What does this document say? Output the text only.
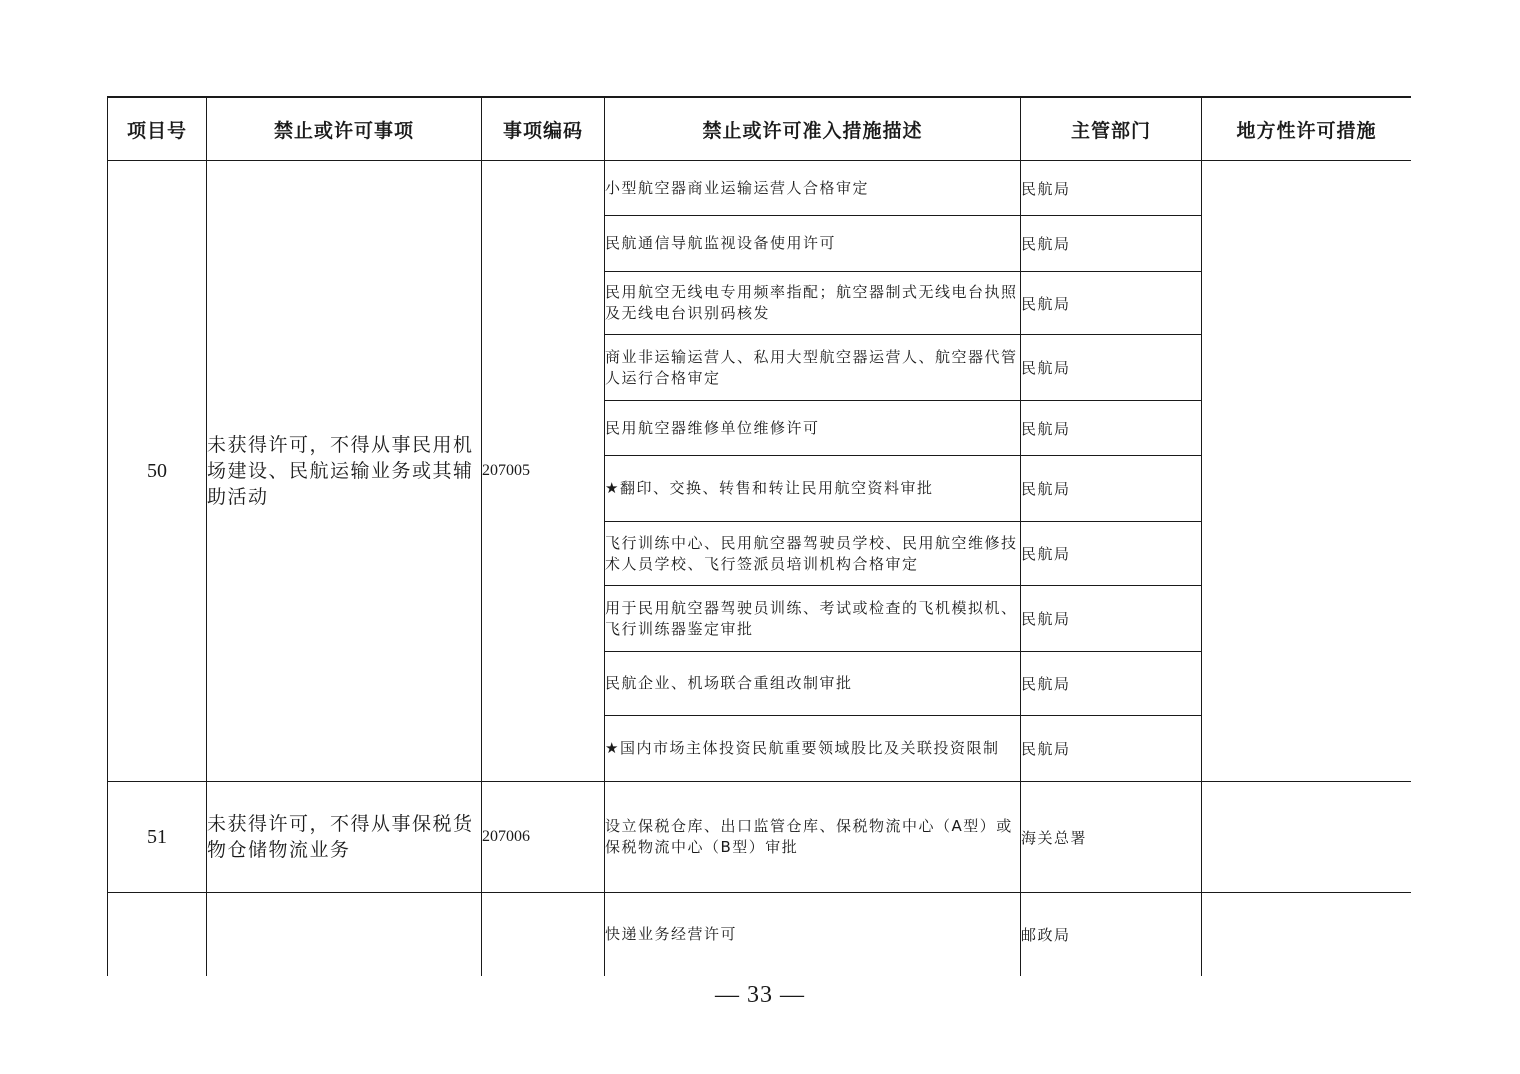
项目号	禁止或许可事项	事项编码	禁止或许可准入措施描述	主管部门	地方性许可措施
50	未获得许可，不得从事民用机场建设、民航运输业务或其辅助活动	207005	小型航空器商业运输运营人合格审定	民航局	
			民航通信导航监视设备使用许可	民航局	
			民用航空无线电专用频率指配；航空器制式无线电台执照及无线电台识别码核发	民航局	
			商业非运输运营人、私用大型航空器运营人、航空器代管人运行合格审定	民航局	
			民用航空器维修单位维修许可	民航局	
			★翻印、交换、转售和转让民用航空资料审批	民航局	
			飞行训练中心、民用航空器驾驶员学校、民用航空维修技术人员学校、飞行签派员培训机构合格审定	民航局	
			用于民用航空器驾驶员训练、考试或检查的飞机模拟机、飞行训练器鉴定审批	民航局	
			民航企业、机场联合重组改制审批	民航局	
			★国内市场主体投资民航重要领域股比及关联投资限制	民航局	
51	未获得许可，不得从事保税货物仓储物流业务	207006	设立保税仓库、出口监管仓库、保税物流中心（A型）或保税物流中心（B型）审批	海关总署	
			快递业务经营许可	邮政局	
— 33 —
